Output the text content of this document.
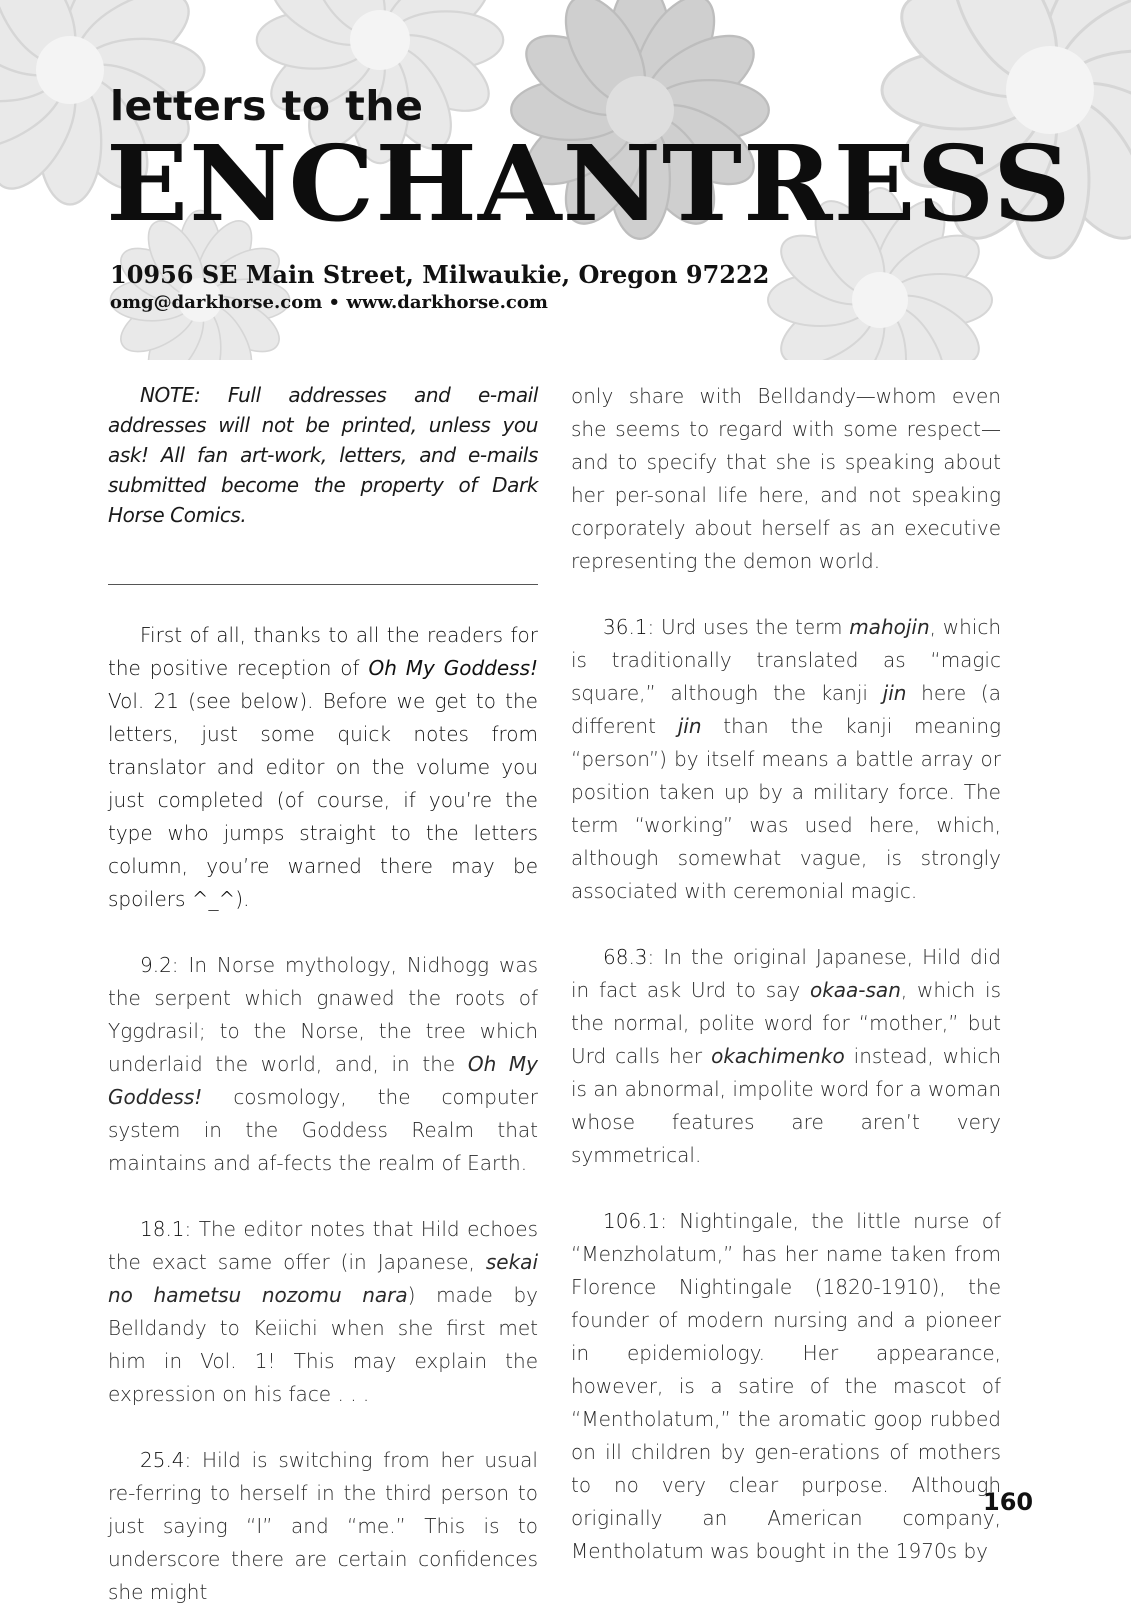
letters to the
ENCHANTRESS
10956 SE Main Street, Milwaukie, Oregon 97222
omg@darkhorse.com • www.darkhorse.com

NOTE: Full addresses and e-mail addresses will not be printed, unless you ask! All fan art-work, letters, and e-mails submitted become the property of Dark Horse Comics.

First of all, thanks to all the readers for the positive reception of Oh My Goddess! Vol. 21 (see below). Before we get to the letters, just some quick notes from translator and editor on the volume you just completed (of course, if you’re the type who jumps straight to the letters column, you’re warned there may be spoilers ^_^).

9.2: In Norse mythology, Nidhogg was the serpent which gnawed the roots of Yggdrasil; to the Norse, the tree which underlaid the world, and, in the Oh My Goddess! cosmology, the computer system in the Goddess Realm that maintains and af-fects the realm of Earth.

18.1: The editor notes that Hild echoes the exact same offer (in Japanese, sekai no hametsu nozomu nara) made by Belldandy to Keiichi when she first met him in Vol. 1! This may explain the expression on his face . . .

25.4: Hild is switching from her usual re-ferring to herself in the third person to just saying “I” and “me.” This is to underscore there are certain confidences she might

only share with Belldandy—whom even she seems to regard with some respect—and to specify that she is speaking about her per-sonal life here, and not speaking corporately about herself as an executive representing the demon world.

36.1: Urd uses the term mahojin, which is traditionally translated as “magic square,” although the kanji jin here (a different jin than the kanji meaning “person”) by itself means a battle array or position taken up by a military force. The term “working” was used here, which, although somewhat vague, is strongly associated with ceremonial magic.

68.3: In the original Japanese, Hild did in fact ask Urd to say okaa-san, which is the normal, polite word for “mother,” but Urd calls her okachimenko instead, which is an abnormal, impolite word for a woman whose features are aren’t very symmetrical.

106.1: Nightingale, the little nurse of “Menzholatum,” has her name taken from Florence Nightingale (1820-1910), the founder of modern nursing and a pioneer in epidemiology. Her appearance, however, is a satire of the mascot of “Mentholatum,” the aromatic goop rubbed on ill children by gen-erations of mothers to no very clear purpose. Although originally an American company, Mentholatum was bought in the 1970s by

160
